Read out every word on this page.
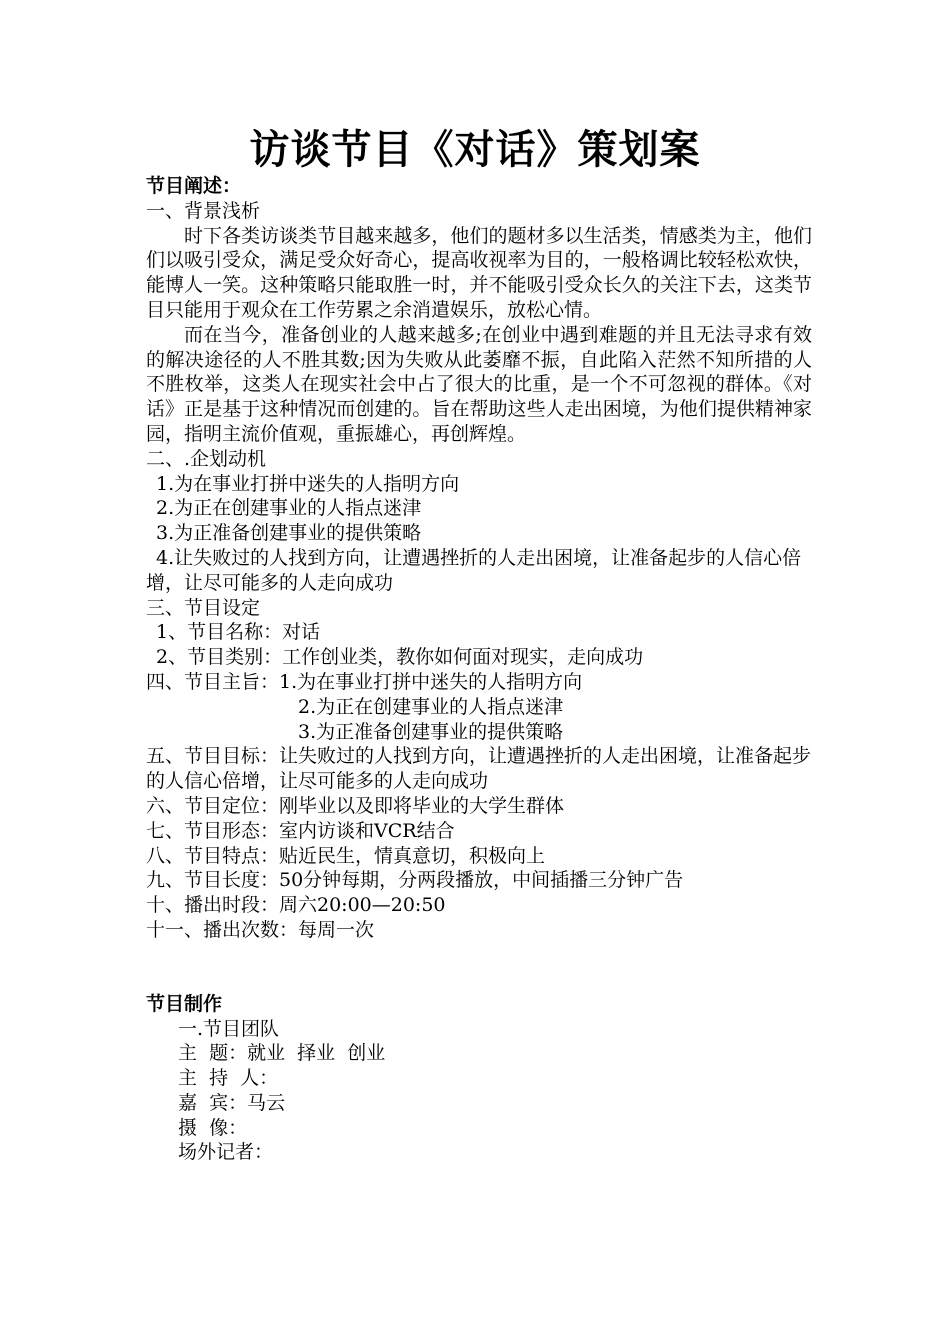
访谈节目《对话》策划案

节目阐述：

一、背景浅析

时下各类访谈类节目越来越多，他们的题材多以生活类，情感类为主，他们们以吸引受众，满足受众好奇心，提高收视率为目的，一般格调比较轻松欢快，能博人一笑。这种策略只能取胜一时，并不能吸引受众长久的关注下去，这类节目只能用于观众在工作劳累之余消遣娱乐，放松心情。

而在当今，准备创业的人越来越多;在创业中遇到难题的并且无法寻求有效的解决途径的人不胜其数;因为失败从此萎靡不振，自此陷入茫然不知所措的人不胜枚举，这类人在现实社会中占了很大的比重，是一个不可忽视的群体。《对话》正是基于这种情况而创建的。旨在帮助这些人走出困境，为他们提供精神家园，指明主流价值观，重振雄心，再创辉煌。

二、.企划动机

1.为在事业打拼中迷失的人指明方向

2.为正在创建事业的人指点迷津

3.为正准备创建事业的提供策略

4.让失败过的人找到方向，让遭遇挫折的人走出困境，让准备起步的人信心倍增，让尽可能多的人走向成功

三、节目设定

1、节目名称：对话

2、节目类别：工作创业类，教你如何面对现实，走向成功

四、节目主旨：1.为在事业打拼中迷失的人指明方向

2.为正在创建事业的人指点迷津

3.为正准备创建事业的提供策略

五、节目目标：让失败过的人找到方向，让遭遇挫折的人走出困境，让准备起步的人信心倍增，让尽可能多的人走向成功

六、节目定位：刚毕业以及即将毕业的大学生群体

七、节目形态：室内访谈和VCR结合

八、节目特点：贴近民生，情真意切，积极向上

九、节目长度：50分钟每期，分两段播放，中间插播三分钟广告

十、播出时段：周六20:00—20:50

十一、播出次数：每周一次

节目制作

一.节目团队

主  题：就业  择业  创业

主  持  人：

嘉  宾：马云

摄  像：

场外记者：
